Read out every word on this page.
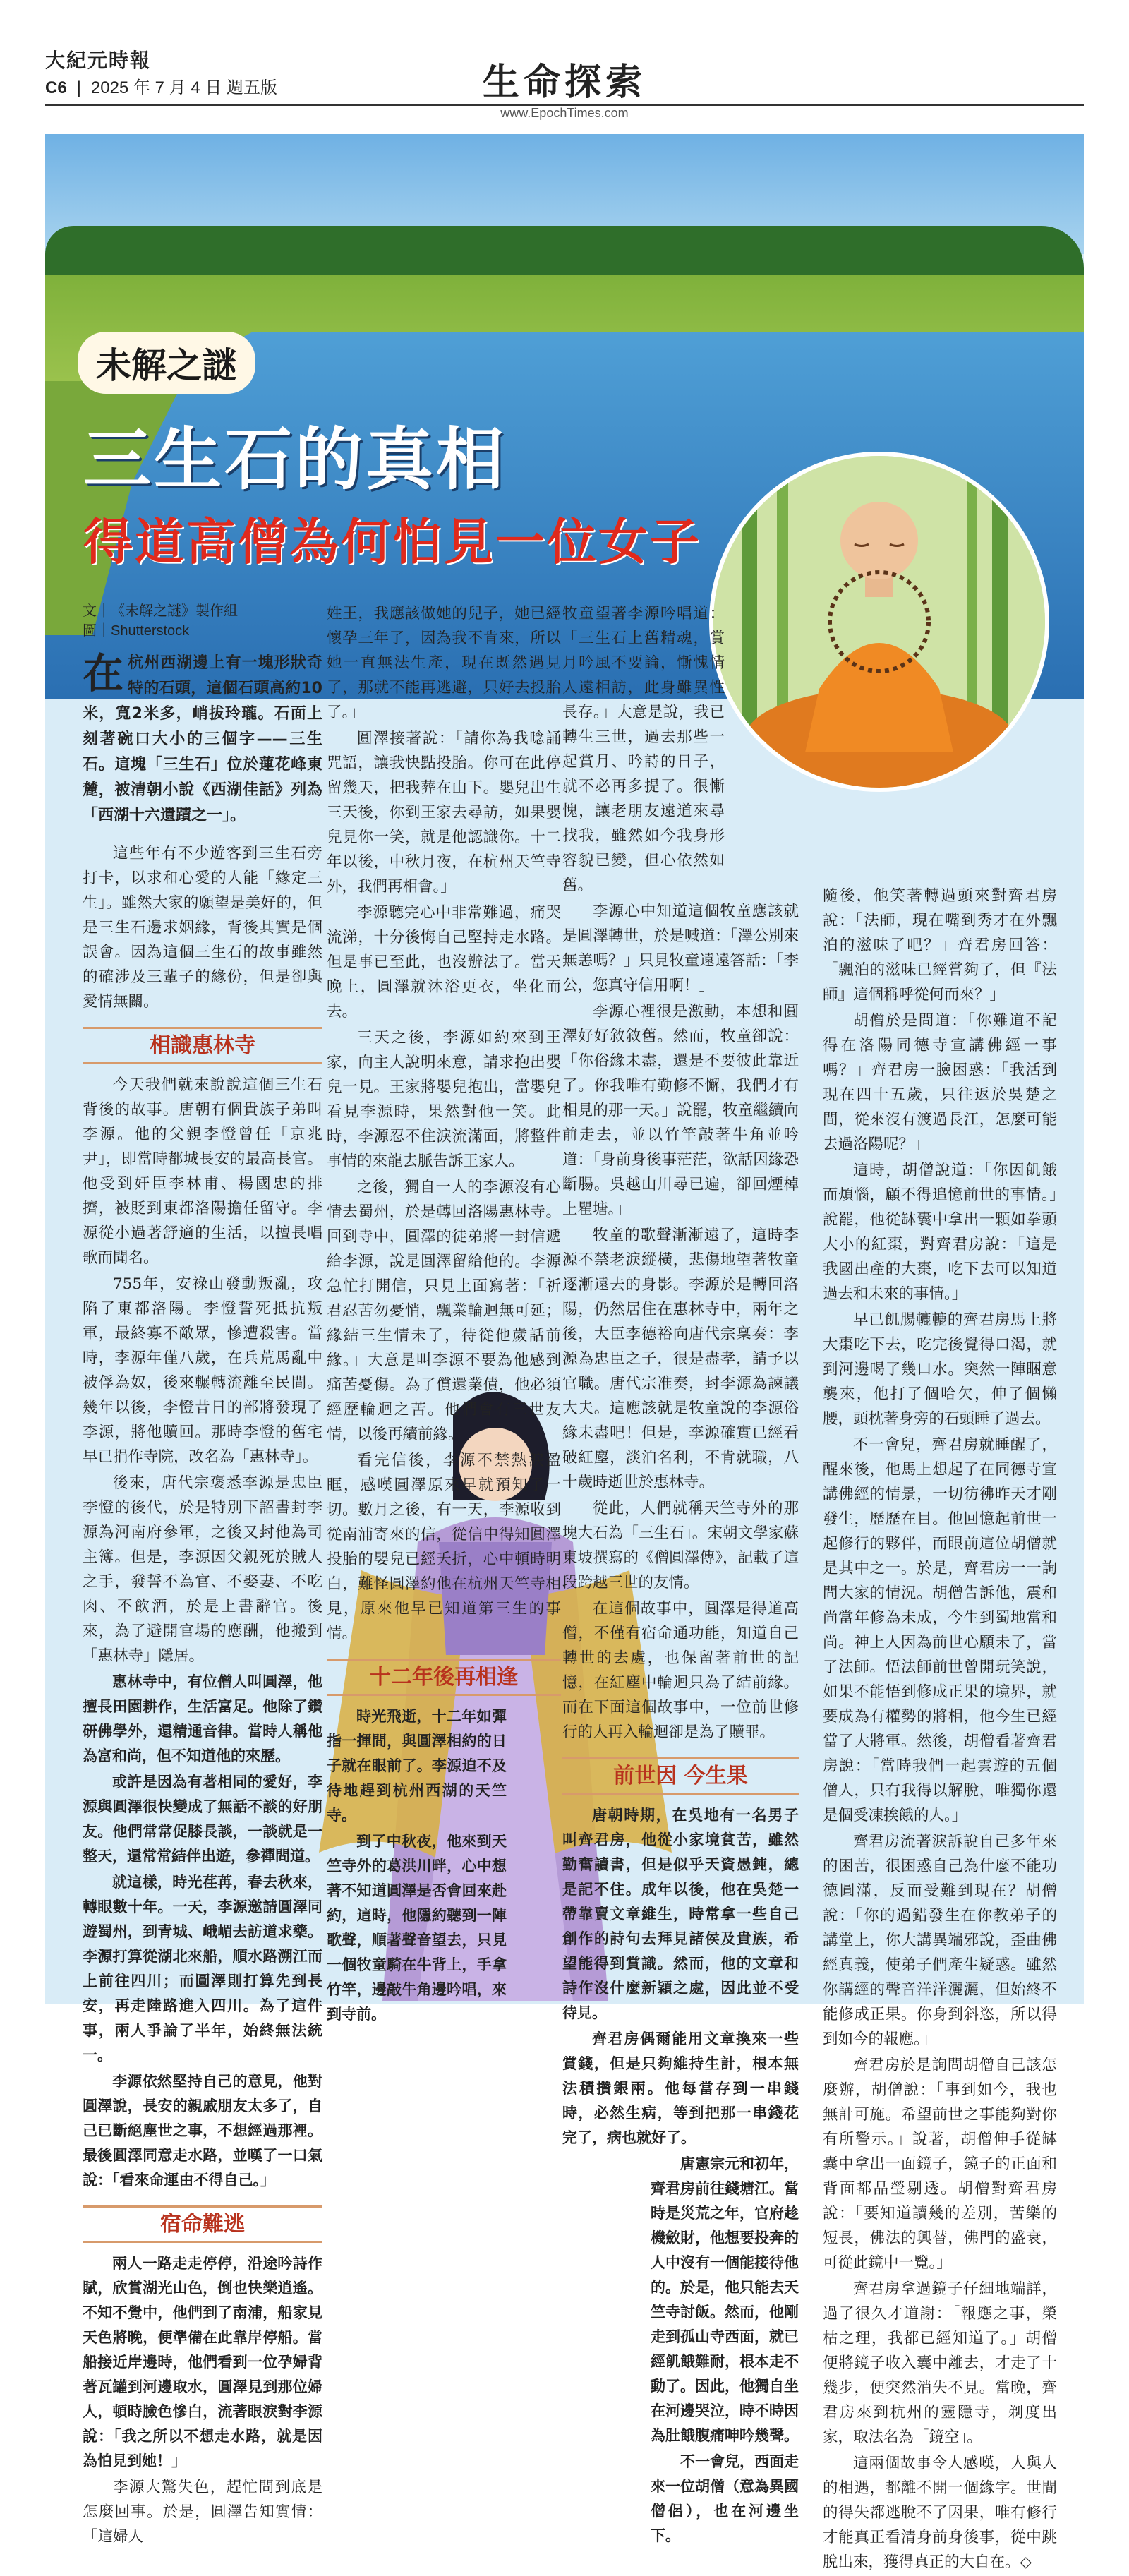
大紀元時報
C6 | 2025 年 7 月 4 日 週五版	生命探索
www.EpochTimes.com
未解之謎
三生石的真相
得道高僧為何怕見一位女子
文｜《未解之謎》製作組
圖｜Shutterstock
在杭州西湖邊上有一塊形狀奇特的石頭，這個石頭高約10米，寬2米多，峭拔玲瓏。石面上刻著碗口大小的三個字——三生石。這塊「三生石」位於蓮花峰東麓，被清朝小說《西湖佳話》列為「西湖十六遺蹟之一」。

這些年有不少遊客到三生石旁打卡，以求和心愛的人能「緣定三生」。雖然大家的願望是美好的，但是三生石邊求姻緣，背後其實是個誤會。因為這個三生石的故事雖然的確涉及三輩子的緣份，但是卻與愛情無關。

相識惠林寺

今天我們就來說說這個三生石背後的故事。唐朝有個貴族子弟叫李源。他的父親李憕曾任「京兆尹」，即當時都城長安的最高長官。他受到奸臣李林甫、楊國忠的排擠，被貶到東都洛陽擔任留守。李源從小過著舒適的生活，以擅長唱歌而聞名。

755年，安祿山發動叛亂，攻陷了東都洛陽。李憕誓死抵抗叛軍，最終寡不敵眾，慘遭殺害。當時，李源年僅八歲，在兵荒馬亂中被俘為奴，後來輾轉流離至民間。幾年以後，李憕昔日的部將發現了李源，將他贖回。那時李憕的舊宅早已捐作寺院，改名為「惠林寺」。

後來，唐代宗褒悉李源是忠臣李憕的後代，於是特別下詔書封李源為河南府參軍，之後又封他為司主簿。但是，李源因父親死於賊人之手，發誓不為官、不娶妻、不吃肉、不飲酒，於是上書辭官。後來，為了避開官場的應酬，他搬到「惠林寺」隱居。

惠林寺中，有位僧人叫圓澤，他擅長田園耕作，生活富足。他除了鑽研佛學外，還精通音律。當時人稱他為富和尚，但不知道他的來歷。

或許是因為有著相同的愛好，李源與圓澤很快變成了無話不談的好朋友。他們常常促膝長談，一談就是一整天，還常常結伴出遊，參禪問道。

就這樣，時光荏苒，春去秋來，轉眼數十年。一天，李源邀請圓澤同遊蜀州，到青城、峨嵋去訪道求藥。李源打算從湖北來船，順水路溯江而上前往四川；而圓澤則打算先到長安，再走陸路進入四川。為了這件事，兩人爭論了半年，始終無法統一。

李源依然堅持自己的意見，他對圓澤說，長安的親戚朋友太多了，自己已斷絕塵世之事，不想經過那裡。最後圓澤同意走水路，並嘆了一口氣說：「看來命運由不得自己。」

宿命難逃

兩人一路走走停停，沿途吟詩作賦，欣賞湖光山色，倒也快樂逍遙。不知不覺中，他們到了南浦，船家見天色將晚，便準備在此靠岸停船。當船接近岸邊時，他們看到一位孕婦背著瓦罐到河邊取水，圓澤見到那位婦人，頓時臉色慘白，流著眼淚對李源說：「我之所以不想走水路，就是因為怕見到她！」

李源大驚失色，趕忙問到底是怎麼回事。於是，圓澤告知實情：「這婦人

姓王，我應該做她的兒子，她已經懷孕三年了，因為我不肯來，所以她一直無法生產，現在既然遇見了，那就不能再逃避，只好去投胎了。」

圓澤接著說：「請你為我唸誦咒語，讓我快點投胎。你可在此停留幾天，把我葬在山下。嬰兒出生三天後，你到王家去尋訪，如果嬰兒見你一笑，就是他認識你。十二年以後，中秋月夜，在杭州天竺寺外，我們再相會。」

李源聽完心中非常難過，痛哭流涕，十分後悔自己堅持走水路。但是事已至此，也沒辦法了。當天晚上，圓澤就沐浴更衣，坐化而去。

三天之後，李源如約來到王家，向主人說明來意，請求抱出嬰兒一見。王家將嬰兒抱出，當嬰兒看見李源時，果然對他一笑。此時，李源忍不住淚流滿面，將整件事情的來龍去脈告訴王家人。

之後，獨自一人的李源沒有心情去蜀州，於是轉回洛陽惠林寺。回到寺中，圓澤的徒弟將一封信遞給李源，說是圓澤留給他的。李源急忙打開信，只見上面寫著：「祈君忍苦勿憂悄，飄業輪迴無可延；緣結三生情未了，待從他歲話前緣。」大意是叫李源不要為他感到痛苦憂傷。為了償還業債，他必須經歷輪迴之苦。他們會有三世友情，以後再續前緣。

看完信後，李源不禁熱淚盈眶，感嘆圓澤原來早就預知了一切。數月之後，有一天，李源收到從南浦寄來的信，從信中得知圓澤投胎的嬰兒已經夭折，心中頓時明白，難怪圓澤約他在杭州天竺寺相見，原來他早已知道第三生的事情。

十二年後再相逢

時光飛逝，十二年如彈指一揮間，與圓澤相約的日子就在眼前了。李源迫不及待地趕到杭州西湖的天竺寺。

到了中秋夜，他來到天竺寺外的葛洪川畔，心中想著不知道圓澤是否會回來赴約，這時，他隱約聽到一陣歌聲，順著聲音望去，只見一個牧童騎在牛背上，手拿竹竿，邊敲牛角邊吟唱，來到寺前。

牧童望著李源吟唱道：「三生石上舊精魂，賞月吟風不要論，慚愧情人遠相訪，此身雖異性長存。」大意是說，我已轉生三世，過去那些一起賞月、吟詩的日子，就不必再多提了。很慚愧，讓老朋友遠道來尋找我，雖然如今我身形容貌已變，但心依然如舊。

李源心中知道這個牧童應該就是圓澤轉世，於是喊道：「澤公別來無恙嗎？」只見牧童遠遠答話：「李公，您真守信用啊！」

李源心裡很是激動，本想和圓澤好好敘敘舊。然而，牧童卻說：「你俗緣未盡，還是不要彼此靠近了。你我唯有勤修不懈，我們才有相見的那一天。」說罷，牧童繼續向前走去，並以竹竿敲著牛角並吟道：「身前身後事茫茫，欲話因緣恐斷腸。吳越山川尋已遍，卻回煙棹上瞿塘。」

牧童的歌聲漸漸遠了，這時李源不禁老淚縱橫，悲傷地望著牧童逐漸遠去的身影。李源於是轉回洛陽，仍然居住在惠林寺中，兩年之後，大臣李德裕向唐代宗稟奏：李源為忠臣之子，很是盡孝，請予以官職。唐代宗准奏，封李源為諫議大夫。這應該就是牧童說的李源俗緣未盡吧！但是，李源確實已經看破紅塵，淡泊名利，不肯就職，八十歲時逝世於惠林寺。

從此，人們就稱天竺寺外的那塊大石為「三生石」。宋朝文學家蘇東坡撰寫的《僧圓澤傳》，記載了這段跨越三世的友情。

在這個故事中，圓澤是得道高僧，不僅有宿命通功能，知道自己轉世的去處，也保留著前世的記憶，在紅塵中輪迴只為了結前緣。而在下面這個故事中，一位前世修行的人再入輪迴卻是為了贖罪。

前世因 今生果

唐朝時期，在吳地有一名男子叫齊君房，他從小家境貧苦，雖然勤奮讀書，但是似乎天資愚鈍，總是記不住。成年以後，他在吳楚一帶靠賣文章維生，時常拿一些自己創作的詩句去拜見諸侯及貴族，希望能得到賞識。然而，他的文章和詩作沒什麼新穎之處，因此並不受待見。

齊君房偶爾能用文章換來一些賞錢，但是只夠維持生計，根本無法積攢銀兩。他每當存到一串錢時，必然生病，等到把那一串錢花完了，病也就好了。

唐憲宗元和初年，齊君房前往錢塘江。當時是災荒之年，官府趁機斂財，他想要投奔的人中沒有一個能接待他的。於是，他只能去天竺寺討飯。然而，他剛走到孤山寺西面，就已經飢餓難耐，根本走不動了。因此，他獨自坐在河邊哭泣，時不時因為肚餓腹痛呻吟幾聲。

不一會兒，西面走來一位胡僧（意為異國僧侶），也在河邊坐下。

隨後，他笑著轉過頭來對齊君房說：「法師，現在嘴到秀才在外飄泊的滋味了吧？」齊君房回答：「飄泊的滋味已經嘗夠了，但『法師』這個稱呼從何而來？」

胡僧於是問道：「你難道不記得在洛陽同德寺宣講佛經一事嗎？」齊君房一臉困惑：「我活到現在四十五歲，只往返於吳楚之間，從來沒有渡過長江，怎麼可能去過洛陽呢？」

這時，胡僧說道：「你因飢餓而煩惱，顧不得追憶前世的事情。」說罷，他從缽囊中拿出一顆如拳頭大小的紅棗，對齊君房說：「這是我國出產的大棗，吃下去可以知道過去和未來的事情。」

早已飢腸轆轆的齊君房馬上將大棗吃下去，吃完後覺得口渴，就到河邊喝了幾口水。突然一陣睏意襲來，他打了個哈欠，伸了個懶腰，頭枕著身旁的石頭睡了過去。

不一會兒，齊君房就睡醒了，醒來後，他馬上想起了在同德寺宣講佛經的情景，一切彷彿昨天才剛發生，歷歷在目。他回憶起前世一起修行的夥伴，而眼前這位胡僧就是其中之一。於是，齊君房一一詢問大家的情況。胡僧告訴他，震和尚當年修為未成，今生到蜀地當和尚。神上人因為前世心願未了，當了法師。悟法師前世曾開玩笑說，如果不能悟到修成正果的境界，就要成為有權勢的將相，他今生已經當了大將軍。然後，胡僧看著齊君房說：「當時我們一起雲遊的五個僧人，只有我得以解脫，唯獨你還是個受凍挨餓的人。」

齊君房流著淚訴說自己多年來的困苦，很困惑自己為什麼不能功德圓滿，反而受難到現在？胡僧說：「你的過錯發生在你教弟子的講堂上，你大講異端邪說，歪曲佛經真義，使弟子們產生疑惑。雖然你講經的聲音洋洋灑灑，但始終不能修成正果。你身到斜恣，所以得到如今的報應。」

齊君房於是詢問胡僧自己該怎麼辦，胡僧說：「事到如今，我也無計可施。希望前世之事能夠對你有所警示。」說著，胡僧伸手從缽囊中拿出一面鏡子，鏡子的正面和背面都晶瑩剔透。胡僧對齊君房說：「要知道讀幾的差別，苦樂的短長，佛法的興替，佛門的盛衰，可從此鏡中一覽。」

齊君房拿過鏡子仔細地端詳，過了很久才道謝：「報應之事，榮枯之理，我都已經知道了。」胡僧便將鏡子收入囊中離去，才走了十幾步，便突然消失不見。當晚，齊君房來到杭州的靈隱寺，剃度出家，取法名為「鏡空」。

這兩個故事令人感嘆，人與人的相遇，都離不開一個緣字。世間的得失都逃脫不了因果，唯有修行才能真正看清身前身後事，從中跳脫出來，獲得真正的大自在。◇
